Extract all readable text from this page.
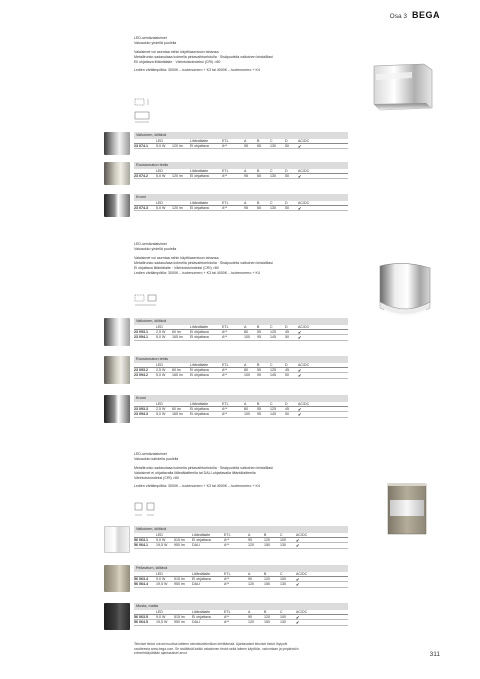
Osa 3 BEGA
LED-seinävalaisimet
Valoaukko yhdellä puolella
Valaisimet voi asentaa mihin käyttöasentoon tahansa.
Metallirunko sadasolasa kolmella pintavaihtoehdolla · Sisäpuolella valkoinen kristallilasi
Eli ohjattava lilitäntälaite · Värintoistoindeksi (CRI) >80
Ledien värilämpötila: 3000K – tuotenumero + K3 tai 4000K – tuotenumero + K4
Valkoinen, kiiltävä
LED	Liitäntälaite	ETL	A	B	C	D	AC/DC
23 074.1	5,0 W	120 lm	Ei ohjattava	A**	95	65	130	50	✔
Ruostumaton teräs
LED	Liitäntälaite	ETL	A	B	C	D	AC/DC
23 074.2	5,0 W	120 lm	Ei ohjattava	A**	95	65	130	50	✔
Kromi
LED	Liitäntälaite	ETL	A	B	C	D	AC/DC
23 074.3	5,0 W	120 lm	Ei ohjattava	A**	95	65	130	50	✔
LED-seinävalaisimet
Valoaukko yhdellä puolella
Valaisimet voi asentaa mihin käyttöasentoon tahansa.
Metallirunko sadasolasa kolmella pintavaihtoehdolla · Sisäpuolella valkoinen kristallilasi
Ei ohjattava liitäntälaite · Värintoistoindeksi (CRI) >80
Ledien värilämpötila: 3000K – tuotenumero + K3 tai 4000K – tuotenumero + K4
Valkoinen, kiiltävä
LED	Liitäntälaite	ETL	A	B	C	D	AC/DC
23 093.1	2,5 W	60 lm	Ei ohjattava	A**	80	55	125	45	✔
23 094.1	5,0 W	165 lm	Ei ohjattava	A**	100	95	145	50	✔
Ruostumaton teräs
LED	Liitäntälaite	ETL	A	B	C	D	AC/DC
23 093.2	2,5 W	60 lm	Ei ohjattava	A**	80	55	125	45	✔
23 094.2	5,0 W	165 lm	Ei ohjattava	A**	100	95	145	50	✔
Kromi
LED	Liitäntälaite	ETL	A	B	C	D	AC/DC
23 093.3	2,5 W	60 lm	Ei ohjattava	A**	80	55	125	45	✔
23 094.3	5,0 W	165 lm	Ei ohjattava	A**	100	95	145	50	✔
LED-seinävalaisimet
Valoaukko kahdella puolella
Metallirunko sadasolasa kolmella pintavaihtoehdolla · Sisäpuolella valkoinen kristallilasi
Valaisimet ei ohjattavalla liitäntälaitteella tai DALI-ohjattavalla liitäntälaitteella
Värintoistoindeksi (CRI) >80
Ledien värilämpötila: 3000K – tuotenumero + K3 tai 4000K – tuotenumero + K4
Valkoinen, kiiltävä
LED	Liitäntälaite	ETL	A	B	C	AC/DC
56 063.1	9,0 W	515 lm	Ei ohjattava	A**	90	120	100	✔
56 064.1	19,5 W	950 lm	DALI	A**	120	150	130	✔
Pellavitum, kiiltävä
LED	Liitäntälaite	ETL	A	B	C	AC/DC
56 063.4	9,0 W	515 lm	Ei ohjattava	A**	90	120	100	✔
56 064.4	19,5 W	950 lm	DALI	A**	120	150	130	✔
Musta, matta
LED	Liitäntälaite	ETL	A	B	C	AC/DC
56 063.5	9,0 W	515 lm	Ei ohjattava	A**	90	120	100	✔
56 064.5	19,5 W	950 lm	DALI	A**	120	150	130	✔
Tekniset tiedot voivat muuttua laitteen valmistustekniikan kehittäessä. Ajantasaiset tekniset tiedot löytyvät
osoitteesta www.bega.com. Se sisältävät kaikki valaisimen tiedot sekä laiteen käyttöön, valvontaan ja ympäristön
erimerkkiäyöttään ajantasaiset arvot.	311
